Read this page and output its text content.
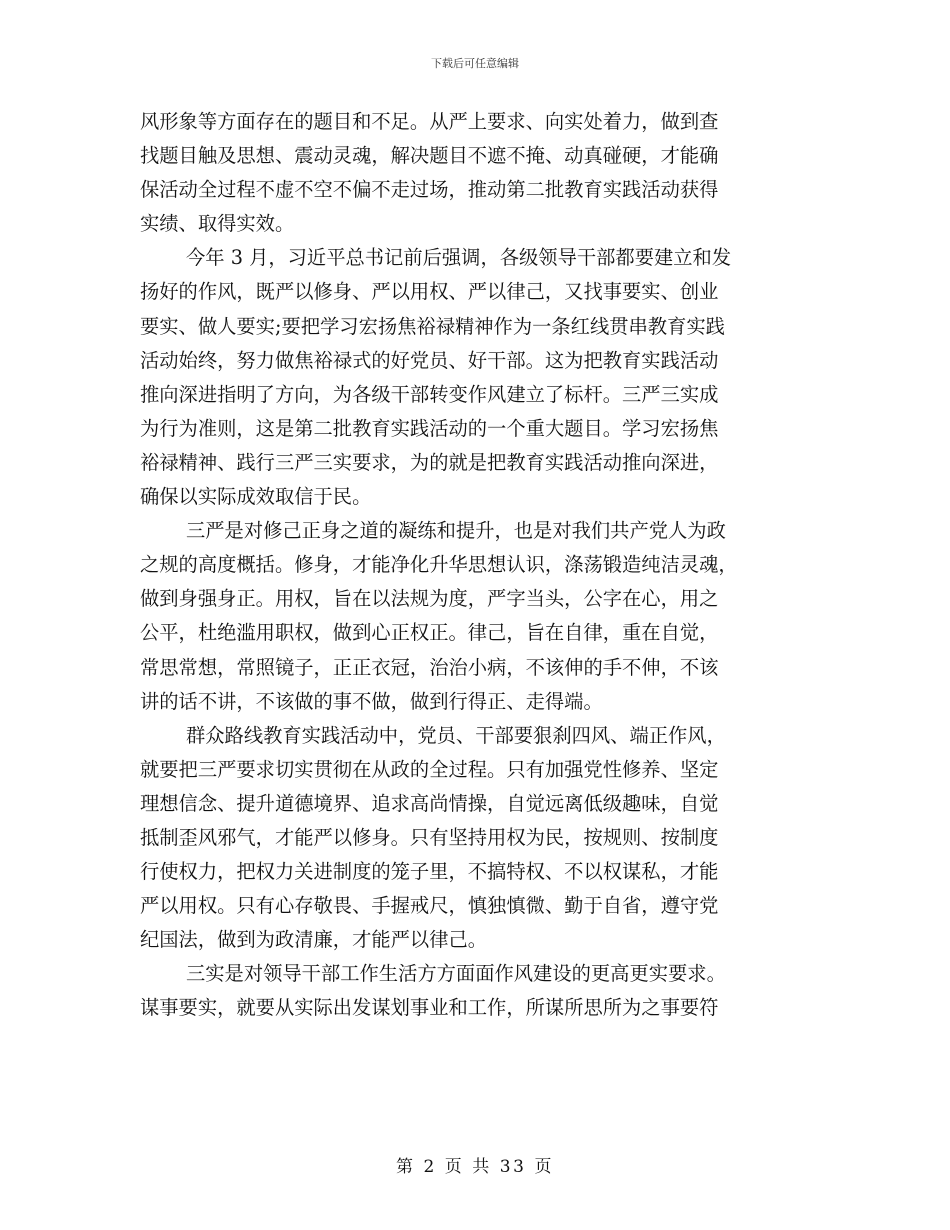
下载后可任意编辑

风形象等方面存在的题目和不足。从严上要求、向实处着力，做到查
找题目触及思想、震动灵魂，解决题目不遮不掩、动真碰硬，才能确
保活动全过程不虚不空不偏不走过场，推动第二批教育实践活动获得
实绩、取得实效。

今年 3 月，习近平总书记前后强调，各级领导干部都要建立和发
扬好的作风，既严以修身、严以用权、严以律己，又找事要实、创业
要实、做人要实;要把学习宏扬焦裕禄精神作为一条红线贯串教育实践
活动始终，努力做焦裕禄式的好党员、好干部。这为把教育实践活动
推向深进指明了方向，为各级干部转变作风建立了标杆。三严三实成
为行为准则，这是第二批教育实践活动的一个重大题目。学习宏扬焦
裕禄精神、践行三严三实要求，为的就是把教育实践活动推向深进，
确保以实际成效取信于民。

三严是对修己正身之道的凝练和提升，也是对我们共产党人为政
之规的高度概括。修身，才能净化升华思想认识，涤荡锻造纯洁灵魂，
做到身强身正。用权，旨在以法规为度，严字当头，公字在心，用之
公平，杜绝滥用职权，做到心正权正。律己，旨在自律，重在自觉，
常思常想，常照镜子，正正衣冠，治治小病，不该伸的手不伸，不该
讲的话不讲，不该做的事不做，做到行得正、走得端。

群众路线教育实践活动中，党员、干部要狠刹四风、端正作风，
就要把三严要求切实贯彻在从政的全过程。只有加强党性修养、坚定
理想信念、提升道德境界、追求高尚情操，自觉远离低级趣味，自觉
抵制歪风邪气，才能严以修身。只有坚持用权为民，按规则、按制度
行使权力，把权力关进制度的笼子里，不搞特权、不以权谋私，才能
严以用权。只有心存敬畏、手握戒尺，慎独慎微、勤于自省，遵守党
纪国法，做到为政清廉，才能严以律己。

三实是对领导干部工作生活方方面面作风建设的更高更实要求。
谋事要实，就要从实际出发谋划事业和工作，所谋所思所为之事要符

第 2 页 共 33 页
